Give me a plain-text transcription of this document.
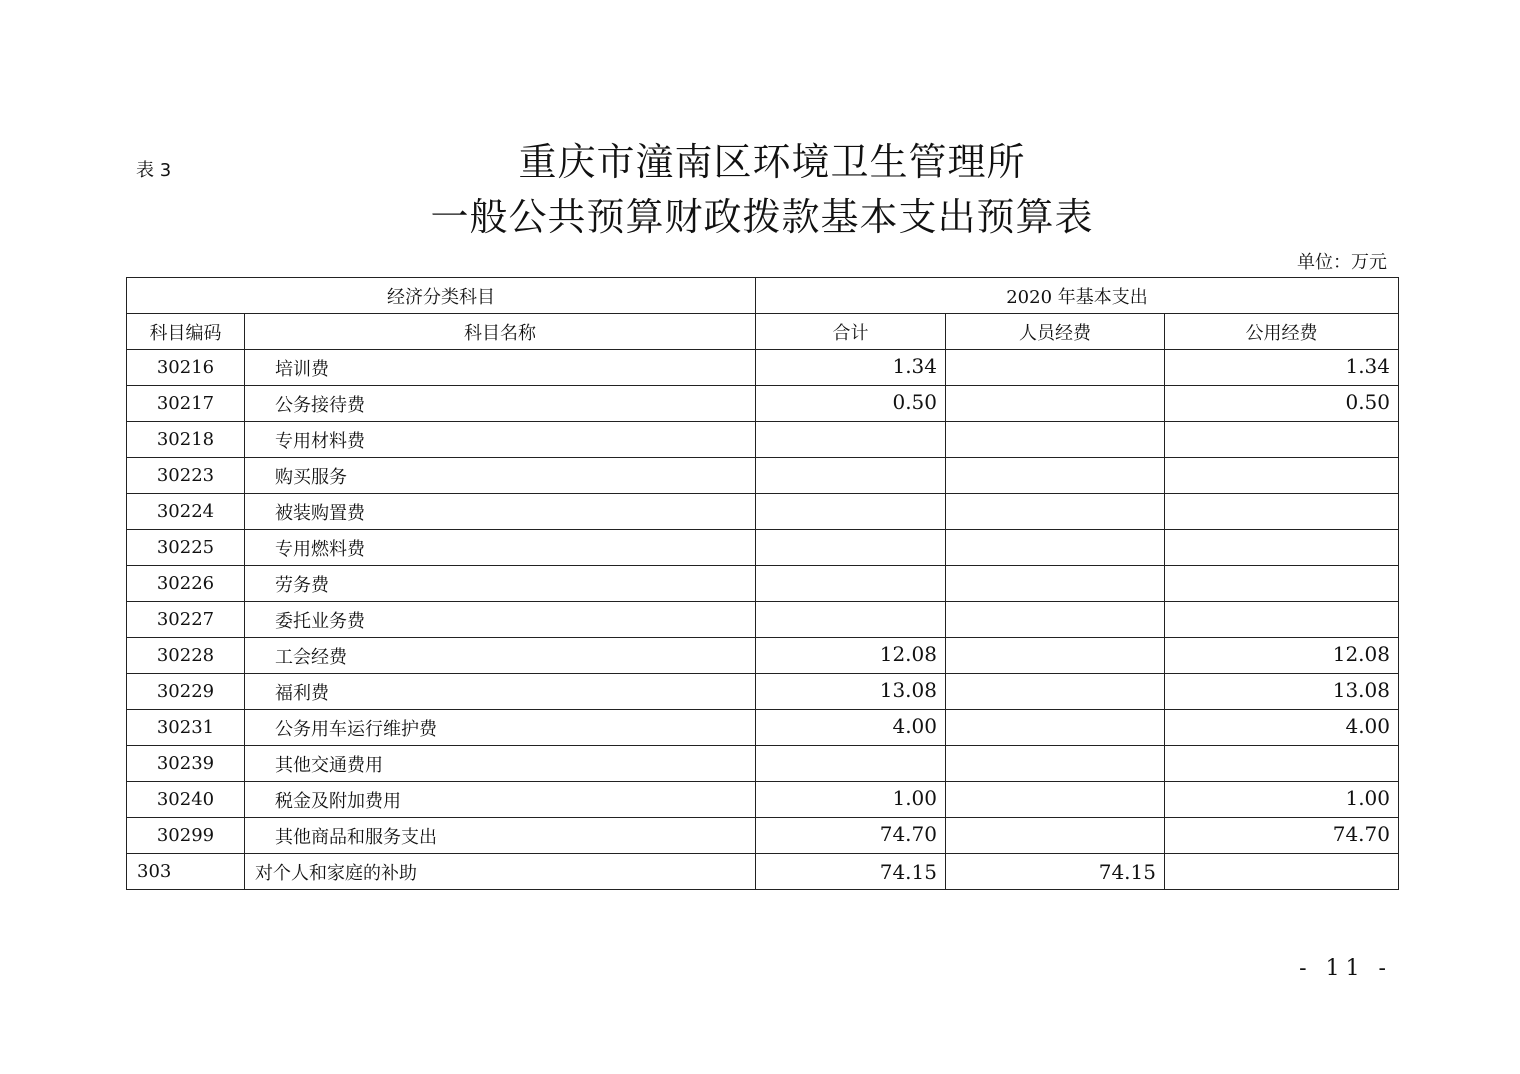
表 3	重庆市潼南区环境卫生管理所
一般公共预算财政拨款基本支出预算表
单位：万元
经济分类科目		2020 年基本支出		
科目编码	科目名称	合计	人员经费	公用经费
30216	培训费	1.34		1.34
30217	公务接待费	0.50		0.50
30218	专用材料费			
30223	购买服务			
30224	被装购置费			
30225	专用燃料费			
30226	劳务费			
30227	委托业务费			
30228	工会经费	12.08		12.08
30229	福利费	13.08		13.08
30231	公务用车运行维护费	4.00		4.00
30239	其他交通费用			
30240	税金及附加费用	1.00		1.00
30299	其他商品和服务支出	74.70		74.70
303	对个人和家庭的补助	74.15	74.15	
- 11 -
